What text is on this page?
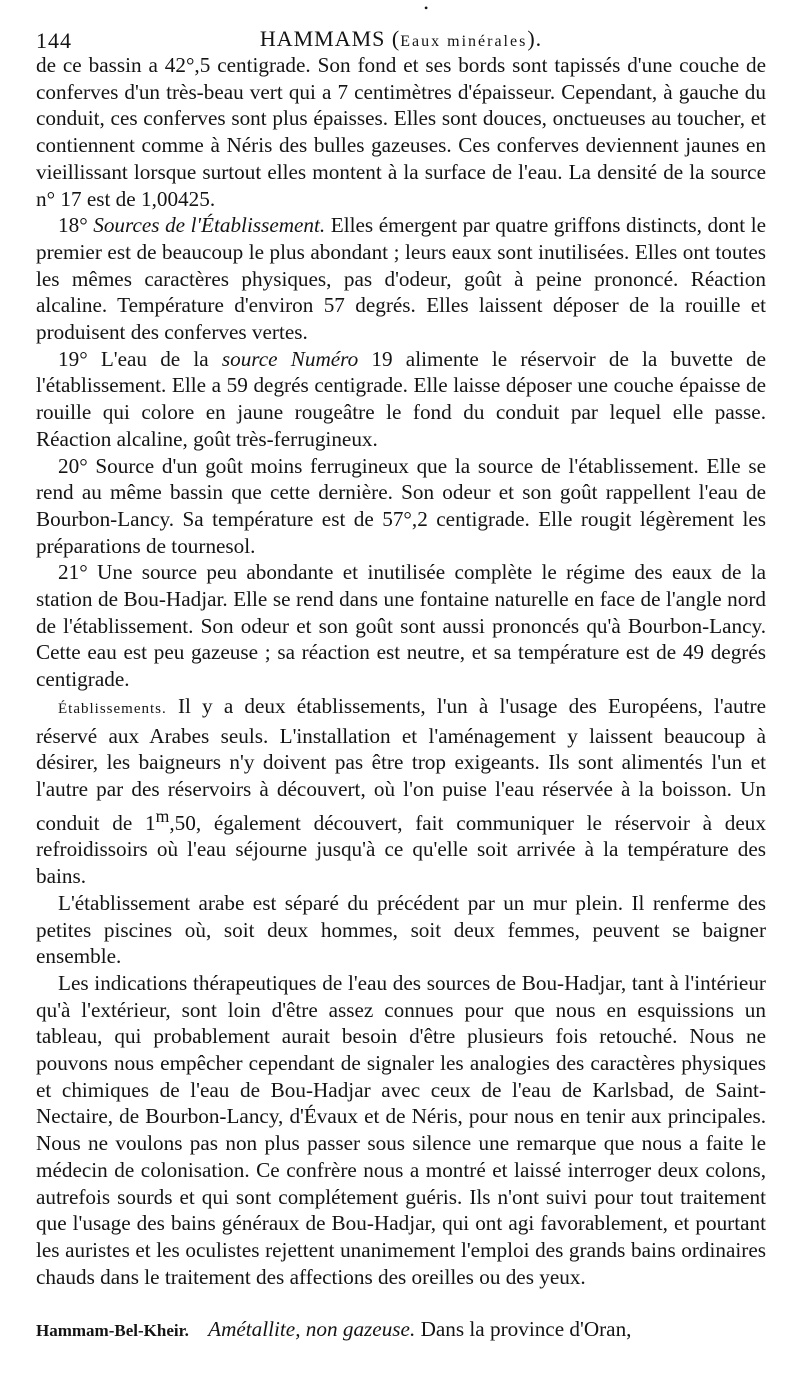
•
144	HAMMAMS (Eaux minérales).

de ce bassin a 42°,5 centigrade. Son fond et ses bords sont tapissés d'une couche de conferves d'un très-beau vert qui a 7 centimètres d'épaisseur. Cependant, à gauche du conduit, ces conferves sont plus épaisses. Elles sont douces, onctueuses au toucher, et contiennent comme à Néris des bulles gazeuses. Ces conferves deviennent jaunes en vieillissant lorsque surtout elles montent à la surface de l'eau. La densité de la source n° 17 est de 1,00425.

18° Sources de l'Établissement. Elles émergent par quatre griffons distincts, dont le premier est de beaucoup le plus abondant ; leurs eaux sont inutilisées. Elles ont toutes les mêmes caractères physiques, pas d'odeur, goût à peine prononcé. Réaction alcaline. Température d'environ 57 degrés. Elles laissent déposer de la rouille et produisent des conferves vertes.

19° L'eau de la source Numéro 19 alimente le réservoir de la buvette de l'établissement. Elle a 59 degrés centigrade. Elle laisse déposer une couche épaisse de rouille qui colore en jaune rougeâtre le fond du conduit par lequel elle passe. Réaction alcaline, goût très-ferrugineux.

20° Source d'un goût moins ferrugineux que la source de l'établissement. Elle se rend au même bassin que cette dernière. Son odeur et son goût rappellent l'eau de Bourbon-Lancy. Sa température est de 57°,2 centigrade. Elle rougit légèrement les préparations de tournesol.

21° Une source peu abondante et inutilisée complète le régime des eaux de la station de Bou-Hadjar. Elle se rend dans une fontaine naturelle en face de l'angle nord de l'établissement. Son odeur et son goût sont aussi prononcés qu'à Bourbon-Lancy. Cette eau est peu gazeuse ; sa réaction est neutre, et sa température est de 49 degrés centigrade.

Établissements. Il y a deux établissements, l'un à l'usage des Européens, l'autre réservé aux Arabes seuls. L'installation et l'aménagement y laissent beaucoup à désirer, les baigneurs n'y doivent pas être trop exigeants. Ils sont alimentés l'un et l'autre par des réservoirs à découvert, où l'on puise l'eau réservée à la boisson. Un conduit de 1$^m$,50, également découvert, fait communiquer le réservoir à deux refroidissoirs où l'eau séjourne jusqu'à ce qu'elle soit arrivée à la température des bains.

L'établissement arabe est séparé du précédent par un mur plein. Il renferme des petites piscines où, soit deux hommes, soit deux femmes, peuvent se baigner ensemble.

Les indications thérapeutiques de l'eau des sources de Bou-Hadjar, tant à l'intérieur qu'à l'extérieur, sont loin d'être assez connues pour que nous en esquissions un tableau, qui probablement aurait besoin d'être plusieurs fois retouché. Nous ne pouvons nous empêcher cependant de signaler les analogies des caractères physiques et chimiques de l'eau de Bou-Hadjar avec ceux de l'eau de Karlsbad, de Saint-Nectaire, de Bourbon-Lancy, d'Évaux et de Néris, pour nous en tenir aux principales. Nous ne voulons pas non plus passer sous silence une remarque que nous a faite le médecin de colonisation. Ce confrère nous a montré et laissé interroger deux colons, autrefois sourds et qui sont complétement guéris. Ils n'ont suivi pour tout traitement que l'usage des bains généraux de Bou-Hadjar, qui ont agi favorablement, et pourtant les auristes et les oculistes rejettent unanimement l'emploi des grands bains ordinaires chauds dans le traitement des affections des oreilles ou des yeux.

Hammam-Bel-Kheir. Amétallite, non gazeuse. Dans la province d'Oran,
